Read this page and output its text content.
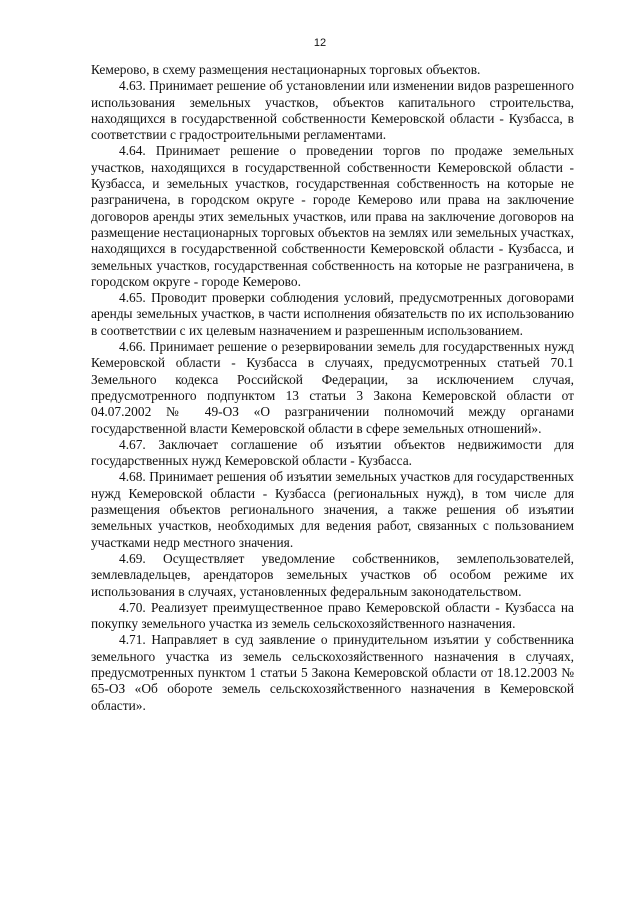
12

Кемерово, в схему размещения нестационарных торговых объектов.

4.63. Принимает решение об установлении или изменении видов разрешенного использования земельных участков, объектов капитального строительства, находящихся в государственной собственности Кемеровской области - Кузбасса, в соответствии с градостроительными регламентами.

4.64. Принимает решение о проведении торгов по продаже земельных участков, находящихся в государственной собственности Кемеровской области - Кузбасса, и земельных участков, государственная собственность на которые не разграничена, в городском округе - городе Кемерово или права на заключение договоров аренды этих земельных участков, или права на заключение договоров на размещение нестационарных торговых объектов на землях или земельных участках, находящихся в государственной собственности Кемеровской области - Кузбасса, и земельных участков, государственная собственность на которые не разграничена, в городском округе - городе Кемерово.

4.65. Проводит проверки соблюдения условий, предусмотренных договорами аренды земельных участков, в части исполнения обязательств по их использованию в соответствии с их целевым назначением и разрешенным использованием.

4.66. Принимает решение о резервировании земель для государственных нужд Кемеровской области - Кузбасса в случаях, предусмотренных статьей 70.1 Земельного кодекса Российской Федерации, за исключением случая, предусмотренного подпунктом 13 статьи 3 Закона Кемеровской области от 04.07.2002 № 49-ОЗ «О разграничении полномочий между органами государственной власти Кемеровской области в сфере земельных отношений».

4.67. Заключает соглашение об изъятии объектов недвижимости для государственных нужд Кемеровской области - Кузбасса.

4.68. Принимает решения об изъятии земельных участков для государственных нужд Кемеровской области - Кузбасса (региональных нужд), в том числе для размещения объектов регионального значения, а также решения об изъятии земельных участков, необходимых для ведения работ, связанных с пользованием участками недр местного значения.

4.69. Осуществляет уведомление собственников, землепользователей, землевладельцев, арендаторов земельных участков об особом режиме их использования в случаях, установленных федеральным законодательством.

4.70. Реализует преимущественное право Кемеровской области - Кузбасса на покупку земельного участка из земель сельскохозяйственного назначения.

4.71. Направляет в суд заявление о принудительном изъятии у собственника земельного участка из земель сельскохозяйственного назначения в случаях, предусмотренных пунктом 1 статьи 5 Закона Кемеровской области от 18.12.2003 № 65-ОЗ «Об обороте земель сельскохозяйственного назначения в Кемеровской области».
